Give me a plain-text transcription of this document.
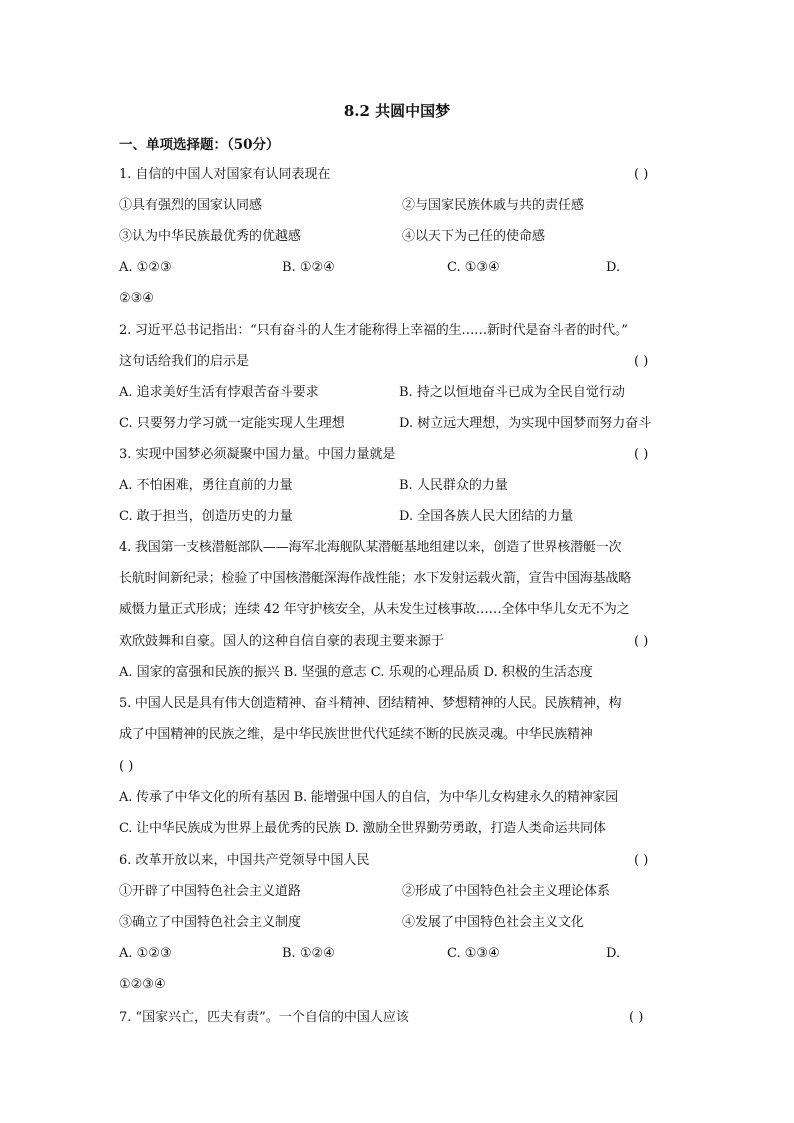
8.2 共圆中国梦
一、单项选择题：（50分）
1. 自信的中国人对国家有认同表现在	( )
①具有强烈的国家认同感	②与国家民族休戚与共的责任感
③认为中华民族最优秀的优越感	④以天下为己任的使命感
A. ①②③	B. ①②④	C. ①③④	D.
②③④
2. 习近平总书记指出：“只有奋斗的人生才能称得上幸福的生……新时代是奋斗者的时代。”
这句话给我们的启示是	( )
A. 追求美好生活有悖艰苦奋斗要求	B. 持之以恒地奋斗已成为全民自觉行动
C. 只要努力学习就一定能实现人生理想	D. 树立远大理想，为实现中国梦而努力奋斗
3. 实现中国梦必须凝聚中国力量。中国力量就是	( )
A. 不怕困难，勇往直前的力量	B. 人民群众的力量
C. 敢于担当，创造历史的力量	D. 全国各族人民大团结的力量
4. 我国第一支核潜艇部队——海军北海舰队某潜艇基地组建以来，创造了世界核潜艇一次
长航时间新纪录；检验了中国核潜艇深海作战性能；水下发射运载火箭，宣告中国海基战略
威慑力量正式形成；连续 42 年守护核安全，从未发生过核事故……全体中华儿女无不为之
欢欣鼓舞和自豪。国人的这种自信自豪的表现主要来源于	( )
A. 国家的富强和民族的振兴 B. 坚强的意志 C. 乐观的心理品质 D. 积极的生活态度
5. 中国人民是具有伟大创造精神、奋斗精神、团结精神、梦想精神的人民。民族精神，构
成了中国精神的民族之维，是中华民族世世代代延续不断的民族灵魂。中华民族精神
( )
A. 传承了中华文化的所有基因 B. 能增强中国人的自信，为中华儿女构建永久的精神家园
C. 让中华民族成为世界上最优秀的民族 D. 激励全世界勤劳勇敢，打造人类命运共同体
6. 改革开放以来，中国共产党领导中国人民	( )
①开辟了中国特色社会主义道路	②形成了中国特色社会主义理论体系
③确立了中国特色社会主义制度	④发展了中国特色社会主义文化
A. ①②③	B. ①②④	C. ①③④	D.
①②③④
7. “国家兴亡，匹夫有责”。一个自信的中国人应该	( )
